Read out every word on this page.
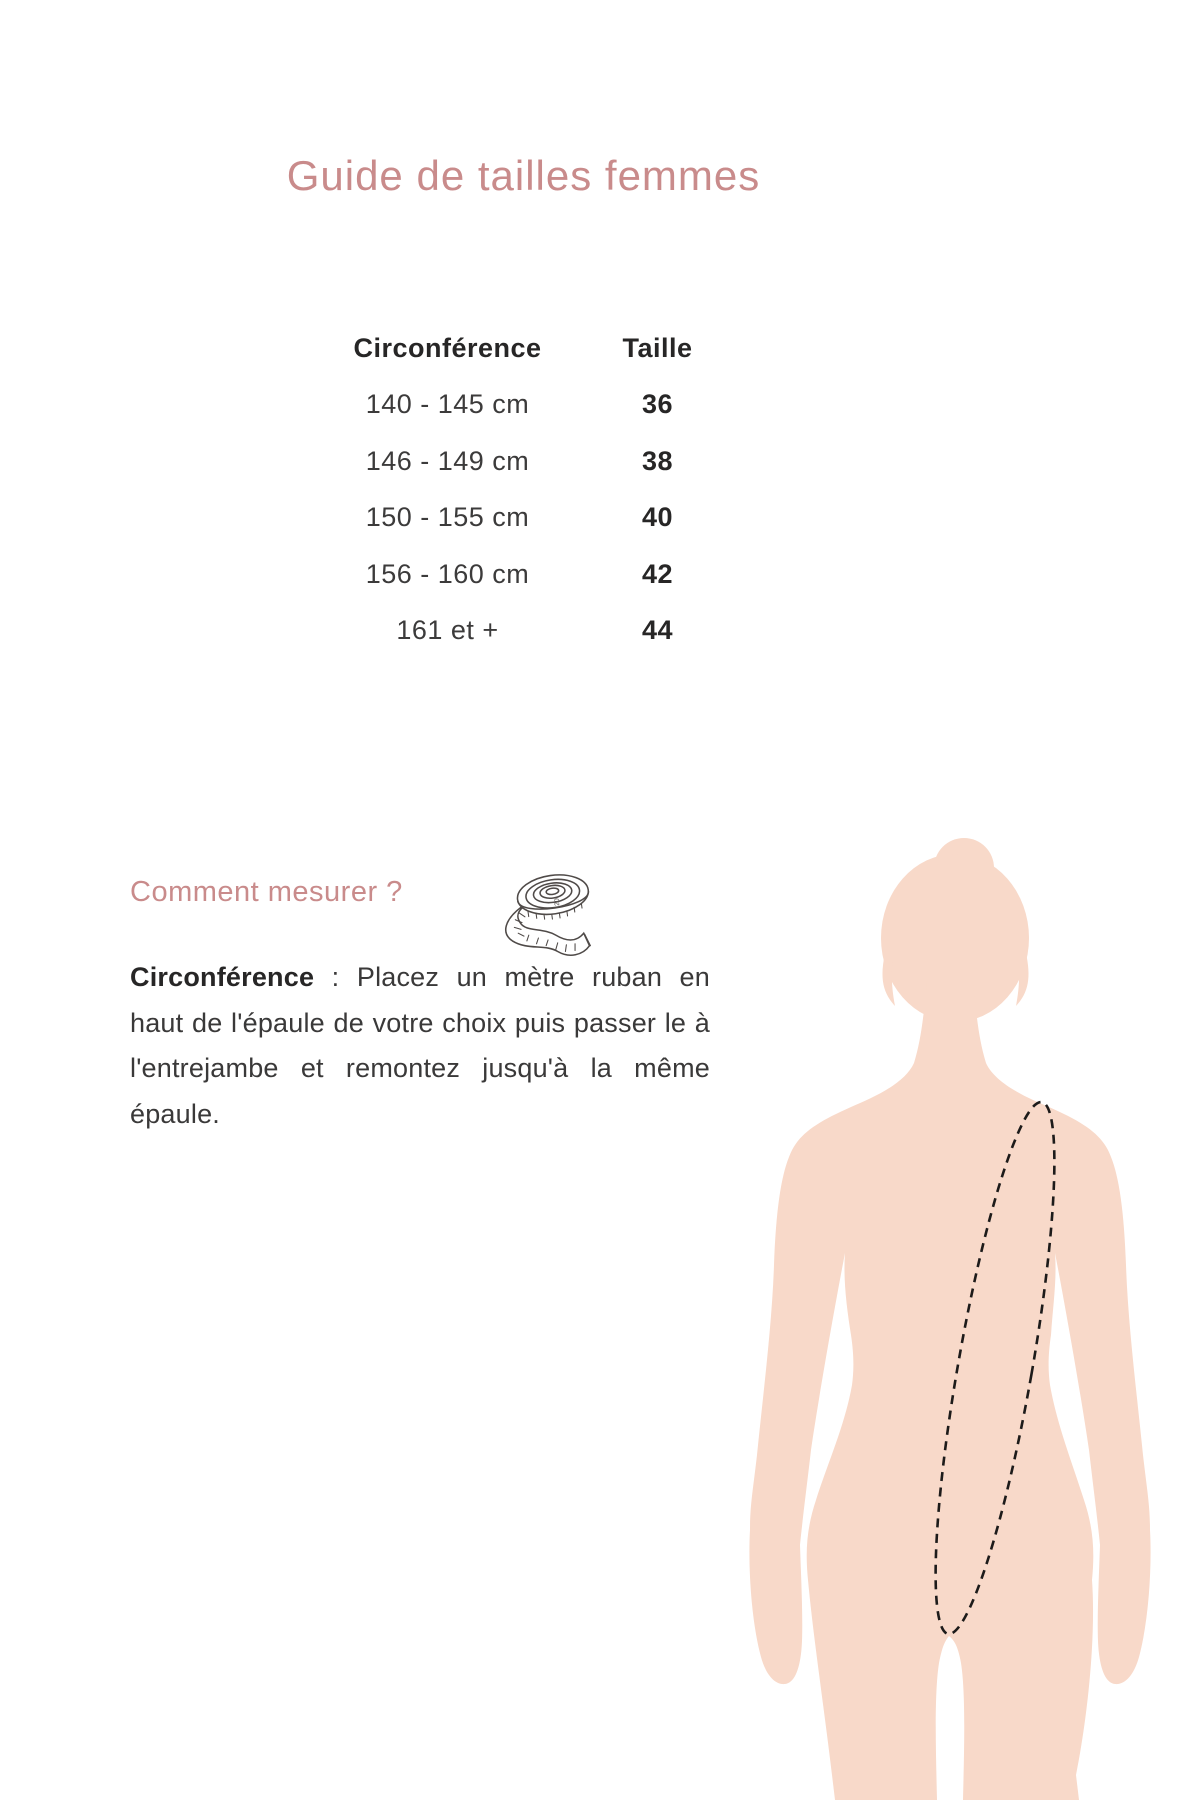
Guide de tailles femmes
Circonférence	Taille
140 - 145 cm	36
146 - 149 cm	38
150 - 155 cm	40
156 - 160 cm	42
161 et +	44
Comment mesurer ?	20

Circonférence : Placez un mètre ruban en haut de l'épaule de votre choix puis passer le à l'entrejambe et remontez jusqu'à la même épaule.
